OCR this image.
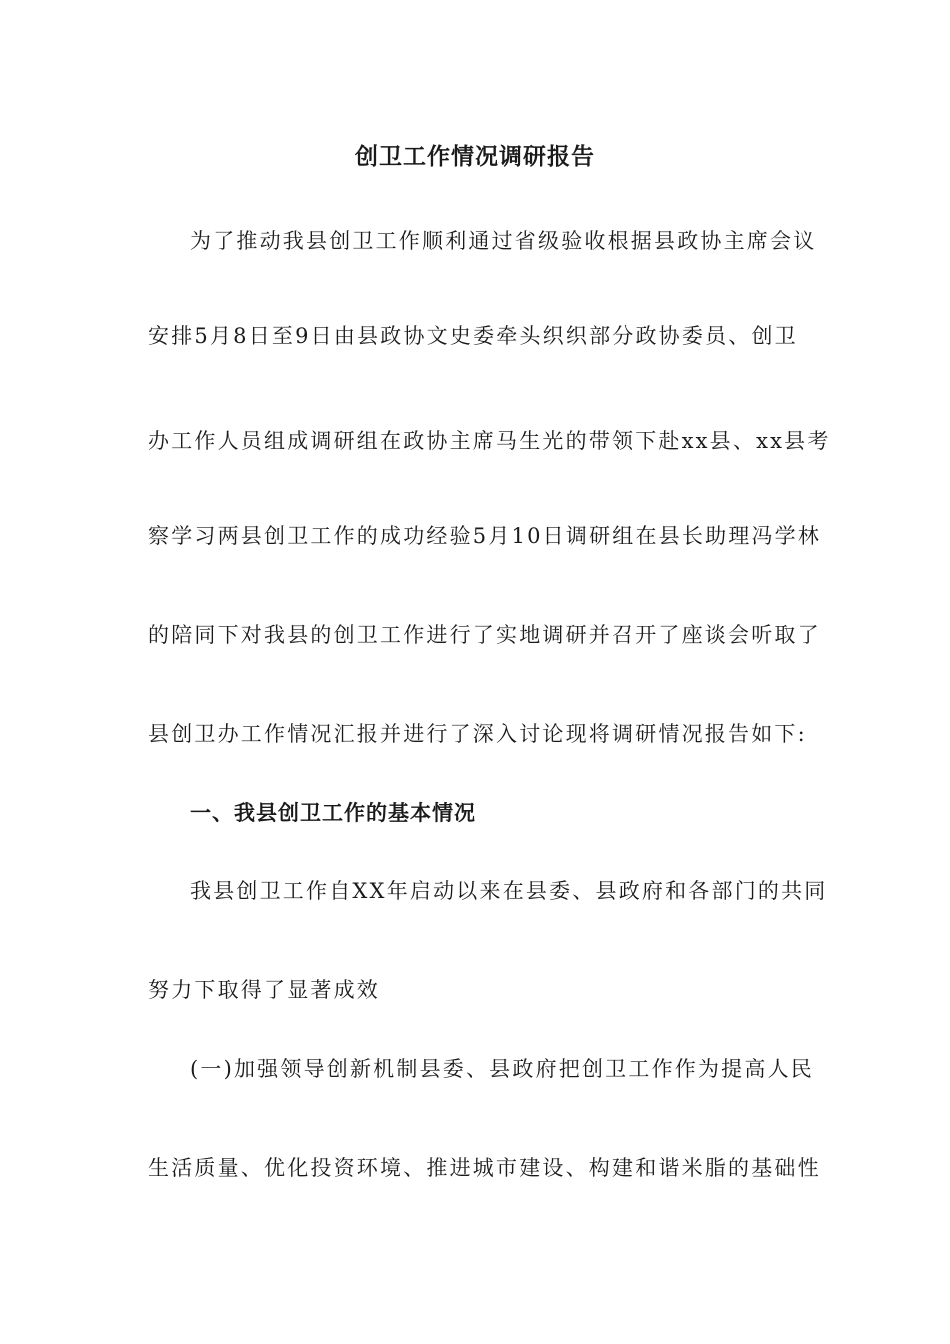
创卫工作情况调研报告
为了推动我县创卫工作顺利通过省级验收根据县政协主席会议
安排5月8日至9日由县政协文史委牵头织织部分政协委员、创卫
办工作人员组成调研组在政协主席马生光的带领下赴xx县、xx县考
察学习两县创卫工作的成功经验5月10日调研组在县长助理冯学林
的陪同下对我县的创卫工作进行了实地调研并召开了座谈会听取了
县创卫办工作情况汇报并进行了深入讨论现将调研情况报告如下:
一、我县创卫工作的基本情况
我县创卫工作自XX年启动以来在县委、县政府和各部门的共同
努力下取得了显著成效
(一)加强领导创新机制县委、县政府把创卫工作作为提高人民
生活质量、优化投资环境、推进城市建设、构建和谐米脂的基础性
